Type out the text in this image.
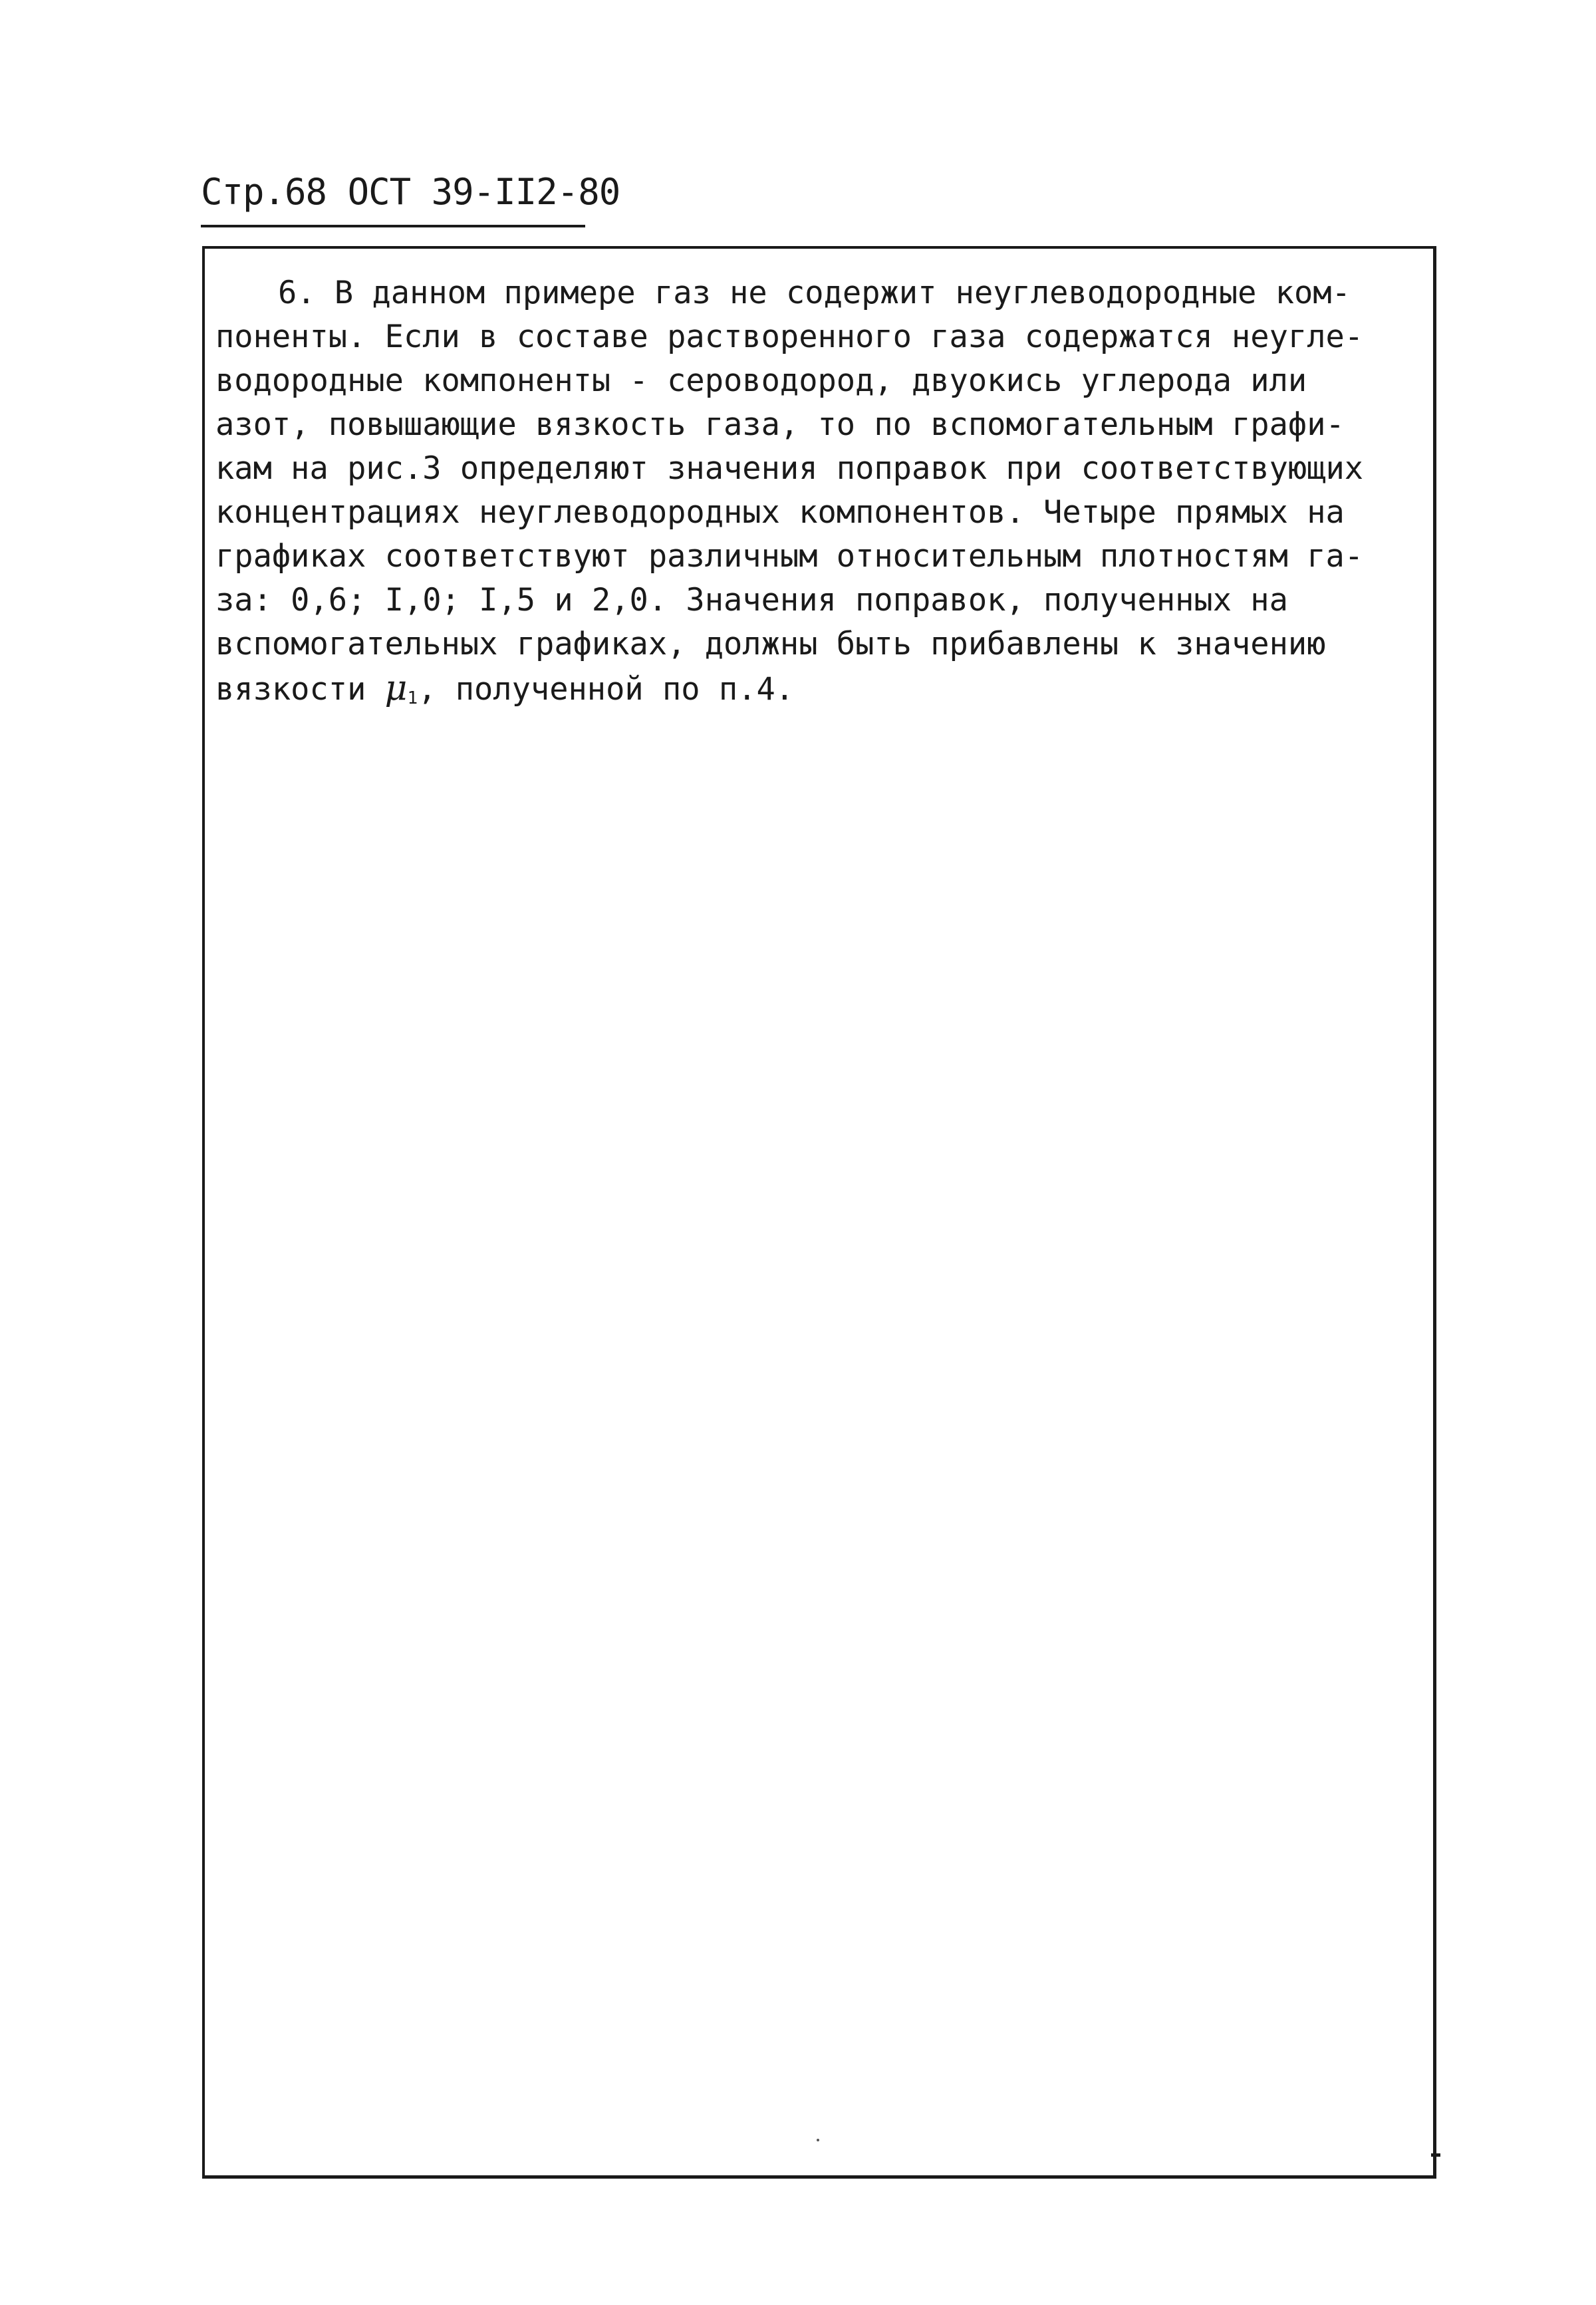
Стр.68 ОСТ 39-II2-80
6. В данном примере газ не содержит неуглеводородные ком-
поненты. Если в составе растворенного газа содержатся неугле-
водородные компоненты - сероводород, двуокись углерода или
азот, повышающие вязкость газа, то по вспомогательным графи-
кам на рис.3 определяют значения поправок при соответствующих
концентрациях неуглеводородных компонентов. Четыре прямых на
графиках соответствуют различным относительным плотностям га-
за: 0,6; I,0; I,5 и 2,0. Значения поправок, полученных на
вспомогательных графиках, должны быть прибавлены к значению
вязкости μ1, полученной по п.4.
